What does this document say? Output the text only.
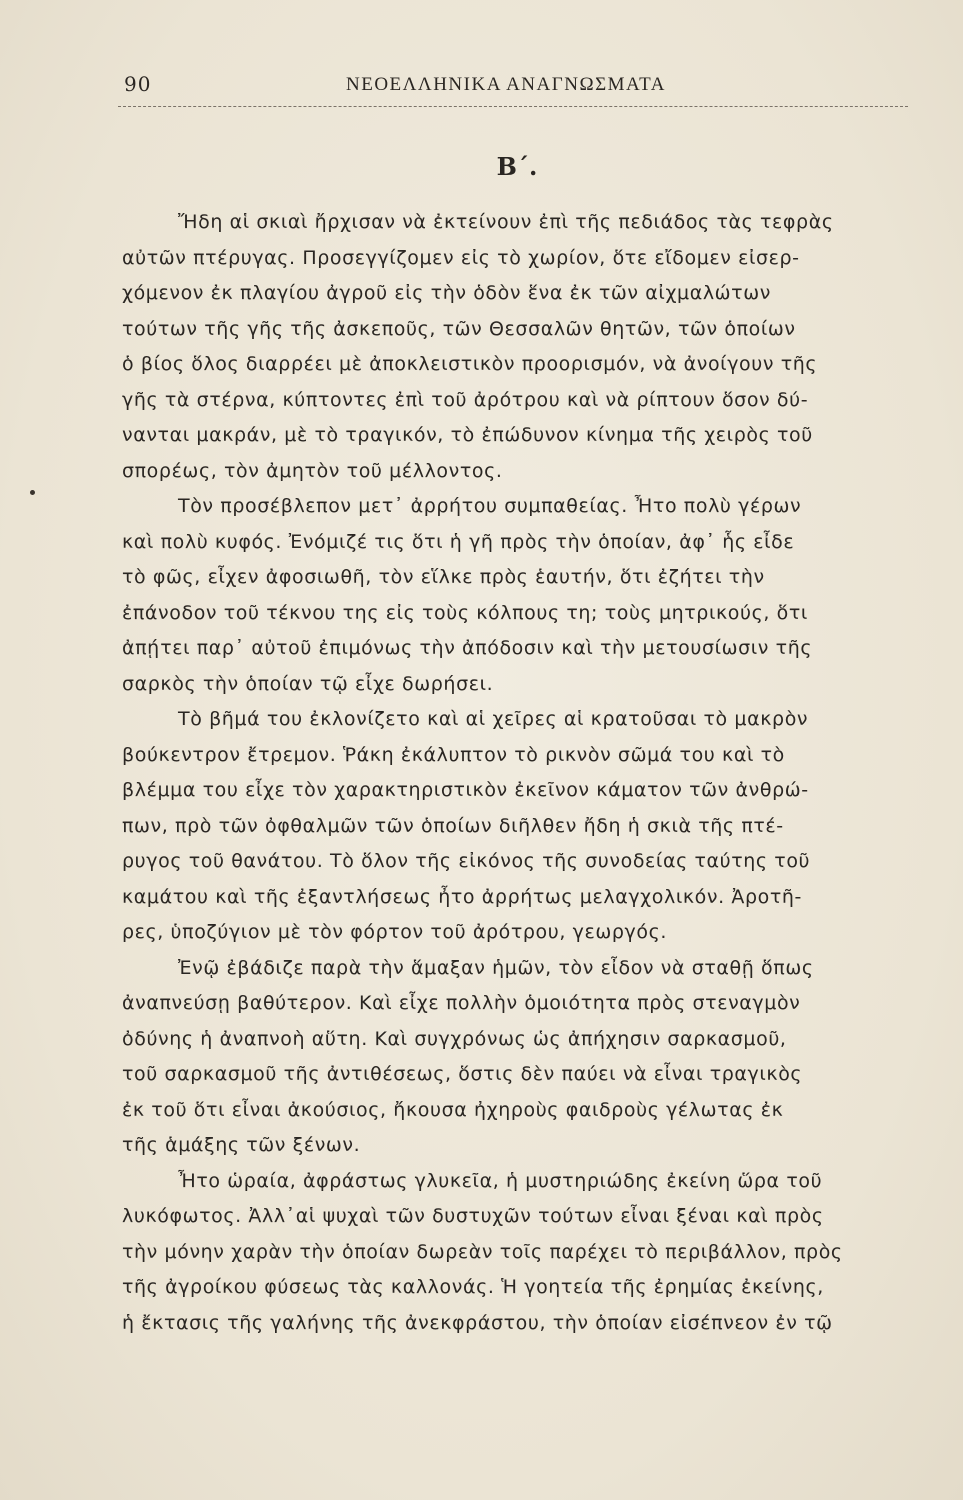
90	ΝΕΟΕΛΛΗΝΙΚΑ ΑΝΑΓΝΩΣΜΑΤΑ
Β΄.
Ἤδη αἱ σκιαὶ ἤρχισαν νὰ ἐκτείνουν ἐπὶ τῆς πεδιάδος τὰς τεφρὰς
αὐτῶν πτέρυγας. Προσεγγίζομεν εἰς τὸ χωρίον, ὅτε εἴδομεν εἰσερ-
χόμενον ἐκ πλαγίου ἀγροῦ εἰς τὴν ὁδὸν ἕνα ἐκ τῶν αἰχμαλώτων
τούτων τῆς γῆς τῆς ἀσκεποῦς, τῶν Θεσσαλῶν θητῶν, τῶν ὁποίων
ὁ βίος ὅλος διαρρέει μὲ ἀποκλειστικὸν προορισμόν, νὰ ἀνοίγουν τῆς
γῆς τὰ στέρνα, κύπτοντες ἐπὶ τοῦ ἀρότρου καὶ νὰ ρίπτουν ὅσον δύ-
νανται μακράν, μὲ τὸ τραγικόν, τὸ ἐπώδυνον κίνημα τῆς χειρὸς τοῦ
σπορέως, τὸν ἀμητὸν τοῦ μέλλοντος.
Τὸν προσέβλεπον μετ᾽ ἀρρήτου συμπαθείας. Ἦτο πολὺ γέρων
καὶ πολὺ κυφός. Ἐνόμιζέ τις ὅτι ἡ γῆ πρὸς τὴν ὁποίαν, ἀφ᾽ ἧς εἶδε
τὸ φῶς, εἶχεν ἀφοσιωθῆ, τὸν εἵλκε πρὸς ἑαυτήν, ὅτι ἐζήτει τὴν
ἐπάνοδον τοῦ τέκνου της εἰς τοὺς κόλπους τη; τοὺς μητρικούς, ὅτι
ἀπῄτει παρ᾽ αὐτοῦ ἐπιμόνως τὴν ἀπόδοσιν καὶ τὴν μετουσίωσιν τῆς
σαρκὸς τὴν ὁποίαν τῷ εἶχε δωρήσει.
Τὸ βῆμά του ἐκλονίζετο καὶ αἱ χεῖρες αἱ κρατοῦσαι τὸ μακρὸν
βούκεντρον ἔτρεμον. Ῥάκη ἐκάλυπτον τὸ ρικνὸν σῶμά του καὶ τὸ
βλέμμα του εἶχε τὸν χαρακτηριστικὸν ἐκεῖνον κάματον τῶν ἀνθρώ-
πων, πρὸ τῶν ὀφθαλμῶν τῶν ὁποίων διῆλθεν ἤδη ἡ σκιὰ τῆς πτέ-
ρυγος τοῦ θανάτου. Τὸ ὅλον τῆς εἰκόνος τῆς συνοδείας ταύτης τοῦ
καμάτου καὶ τῆς ἐξαντλήσεως ἦτο ἀρρήτως μελαγχολικόν. Ἀροτῆ-
ρες, ὑποζύγιον μὲ τὸν φόρτον τοῦ ἀρότρου, γεωργός.
Ἐνῷ ἐβάδιζε παρὰ τὴν ἅμαξαν ἡμῶν, τὸν εἶδον νὰ σταθῇ ὅπως
ἀναπνεύσῃ βαθύτερον. Καὶ εἶχε πολλὴν ὁμοιότητα πρὸς στεναγμὸν
ὀδύνης ἡ ἀναπνοὴ αὕτη. Καὶ συγχρόνως ὡς ἀπήχησιν σαρκασμοῦ,
τοῦ σαρκασμοῦ τῆς ἀντιθέσεως, ὅστις δὲν παύει νὰ εἶναι τραγικὸς
ἐκ τοῦ ὅτι εἶναι ἀκούσιος, ἤκουσα ἠχηροὺς φαιδροὺς γέλωτας ἐκ
τῆς ἁμάξης τῶν ξένων.
Ἦτο ὡραία, ἀφράστως γλυκεῖα, ἡ μυστηριώδης ἐκείνη ὥρα τοῦ
λυκόφωτος. Ἀλλ᾽αἱ ψυχαὶ τῶν δυστυχῶν τούτων εἶναι ξέναι καὶ πρὸς
τὴν μόνην χαρὰν τὴν ὁποίαν δωρεὰν τοῖς παρέχει τὸ περιβάλλον, πρὸς
τῆς ἀγροίκου φύσεως τὰς καλλονάς. Ἡ γοητεία τῆς ἐρημίας ἐκείνης,
ἡ ἔκτασις τῆς γαλήνης τῆς ἀνεκφράστου, τὴν ὁποίαν εἰσέπνεον ἐν τῷ
